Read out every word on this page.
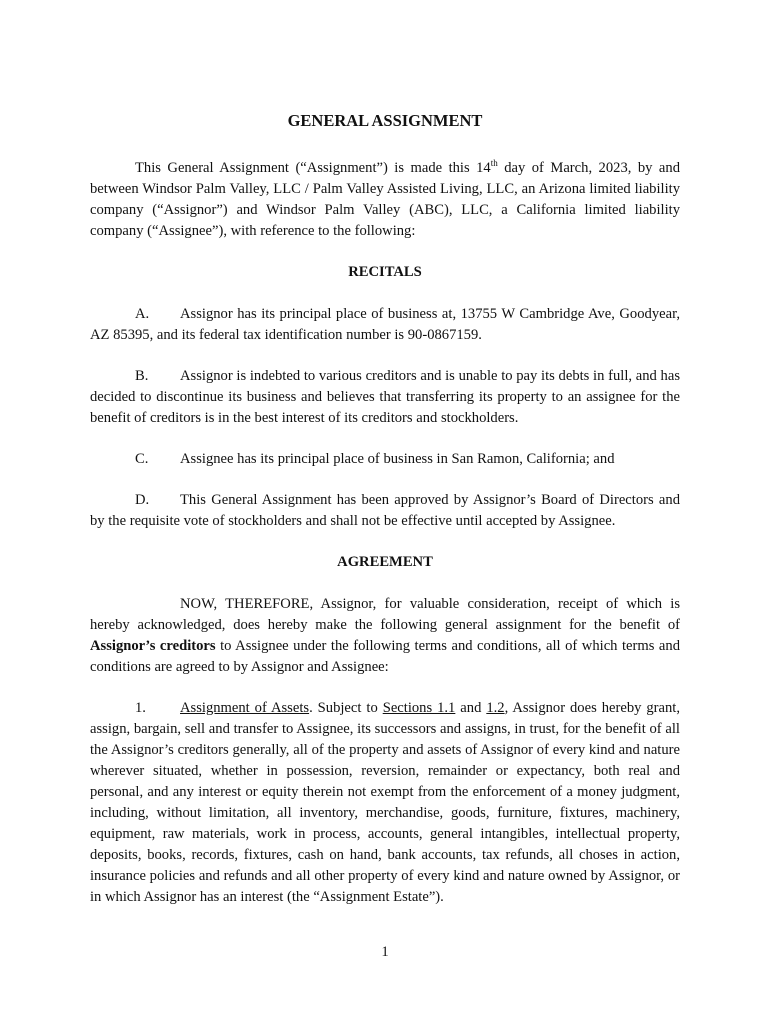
GENERAL ASSIGNMENT

This General Assignment (“Assignment”) is made this 14th day of March, 2023, by and between Windsor Palm Valley, LLC / Palm Valley Assisted Living, LLC, an Arizona limited liability company (“Assignor”) and Windsor Palm Valley (ABC), LLC, a California limited liability company (“Assignee”), with reference to the following:

RECITALS

A. Assignor has its principal place of business at, 13755 W Cambridge Ave, Goodyear, AZ 85395, and its federal tax identification number is 90-0867159.

B. Assignor is indebted to various creditors and is unable to pay its debts in full, and has decided to discontinue its business and believes that transferring its property to an assignee for the benefit of creditors is in the best interest of its creditors and stockholders.

C. Assignee has its principal place of business in San Ramon, California; and

D. This General Assignment has been approved by Assignor’s Board of Directors and by the requisite vote of stockholders and shall not be effective until accepted by Assignee.

AGREEMENT

NOW, THEREFORE, Assignor, for valuable consideration, receipt of which is hereby acknowledged, does hereby make the following general assignment for the benefit of Assignor’s creditors to Assignee under the following terms and conditions, all of which terms and conditions are agreed to by Assignor and Assignee:

1. Assignment of Assets. Subject to Sections 1.1 and 1.2, Assignor does hereby grant, assign, bargain, sell and transfer to Assignee, its successors and assigns, in trust, for the benefit of all the Assignor’s creditors generally, all of the property and assets of Assignor of every kind and nature wherever situated, whether in possession, reversion, remainder or expectancy, both real and personal, and any interest or equity therein not exempt from the enforcement of a money judgment, including, without limitation, all inventory, merchandise, goods, furniture, fixtures, machinery, equipment, raw materials, work in process, accounts, general intangibles, intellectual property, deposits, books, records, fixtures, cash on hand, bank accounts, tax refunds, all choses in action, insurance policies and refunds and all other property of every kind and nature owned by Assignor, or in which Assignor has an interest (the “Assignment Estate”).

1
